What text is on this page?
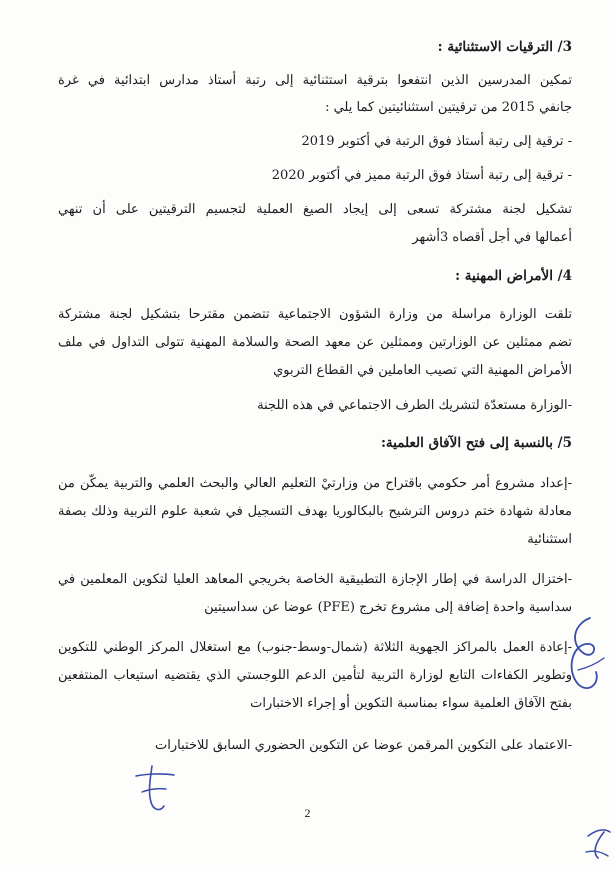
3/ الترقيات الاستثنائية :
تمكين المدرسين الذين انتفعوا بترقية استثنائية إلى رتبة أستاذ مدارس ابتدائية في غرة
جانفي 2015 من ترقيتين استثنائيتين كما يلي :
- ترقية إلى رتبة أستاذ فوق الرتبة في أكتوبر 2019
- ترقية إلى رتبة أستاذ فوق الرتبة مميز في أكتوبر 2020
تشكيل لجنة مشتركة تسعى إلى إيجاد الصيغ العملية لتجسيم الترقيتين على أن تنهي
أعمالها في أجل أقصاه 3أشهر
4/ الأمراض المهنية :
تلقت الوزارة مراسلة من وزارة الشؤون الاجتماعية تتضمن مقترحا بتشكيل لجنة مشتركة
تضم ممثلين عن الوزارتين وممثلين عن معهد الصحة والسلامة المهنية تتولى التداول في ملف
الأمراض المهنية التي تصيب العاملين في القطاع التربوي
-الوزارة مستعدّة لتشريك الطرف الاجتماعي في هذه اللجنة
5/ بالنسبة إلى فتح الآفاق العلمية:
-إعداد مشروع أمر حكومي باقتراح من وزارتيْ التعليم العالي والبحث العلمي والتربية يمكّن من
معادلة شهادة ختم دروس الترشيح بالبكالوريا بهدف التسجيل في شعبة علوم التربية وذلك بصفة
استثنائية
-اختزال الدراسة في إطار الإجازة التطبيقية الخاصة بخريجي المعاهد العليا لتكوين المعلمين في
سداسية واحدة إضافة إلى مشروع تخرج (PFE) عوضا عن سداسيتين
-إعادة العمل بالمراكز الجهوية الثلاثة (شمال-وسط-جنوب) مع استغلال المركز الوطني للتكوين
وتطوير الكفاءات التابع لوزارة التربية لتأمين الدعم اللوجستي الذي يقتضيه استيعاب المنتفعين
بفتح الآفاق العلمية سواء بمناسبة التكوين أو إجراء الاختبارات
-الاعتماد على التكوين المرقمن عوضا عن التكوين الحضوري السابق للاختبارات
2
